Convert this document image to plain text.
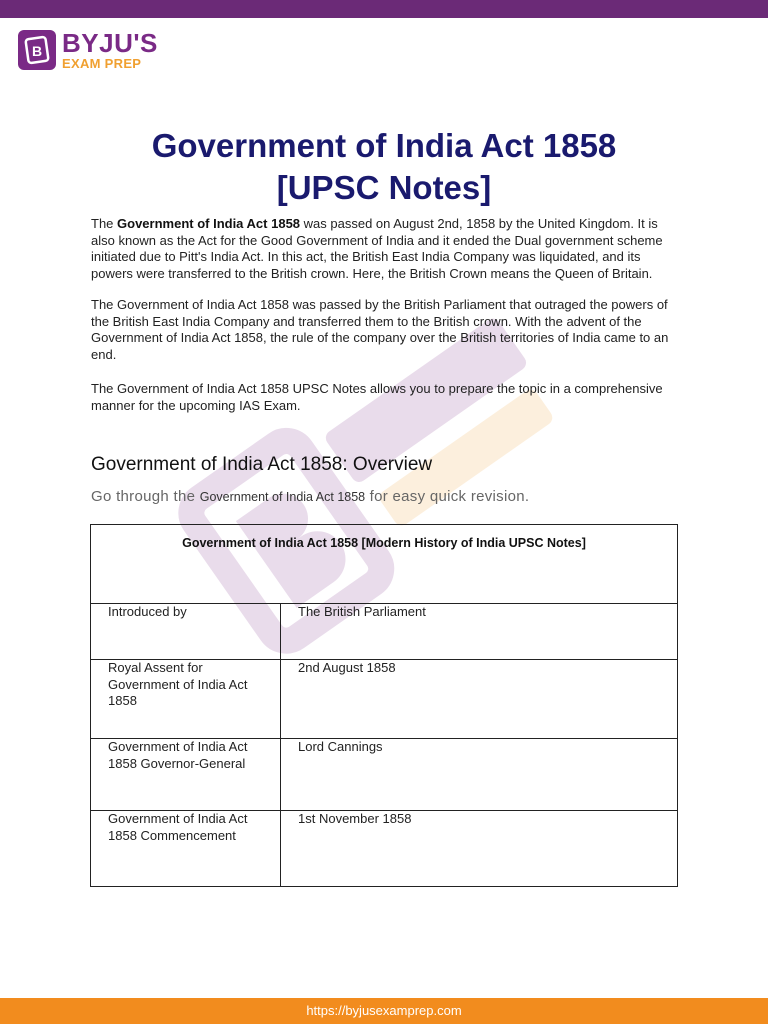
B BYJU'S
EXAM PREP
Government of India Act 1858
[UPSC Notes]
The Government of India Act 1858 was passed on August 2nd, 1858 by the United Kingdom. It is also known as the Act for the Good Government of India and it ended the Dual government scheme initiated due to Pitt's India Act. In this act, the British East India Company was liquidated, and its powers were transferred to the British crown. Here, the British Crown means the Queen of Britain.
The Government of India Act 1858 was passed by the British Parliament that outraged the powers of the British East India Company and transferred them to the British crown. With the advent of the Government of India Act 1858, the rule of the company over the British territories of India came to an end.
The Government of India Act 1858 UPSC Notes allows you to prepare the topic in a comprehensive manner for the upcoming IAS Exam.
Government of India Act 1858: Overview
Go through the Government of India Act 1858 for easy quick revision.
Government of India Act 1858 [Modern History of India UPSC Notes]	
Introduced by	The British Parliament
Royal Assent for Government of India Act 1858	2nd August 1858
Government of India Act 1858 Governor-General	Lord Cannings
Government of India Act 1858 Commencement	1st November 1858
https://byjusexamprep.com
